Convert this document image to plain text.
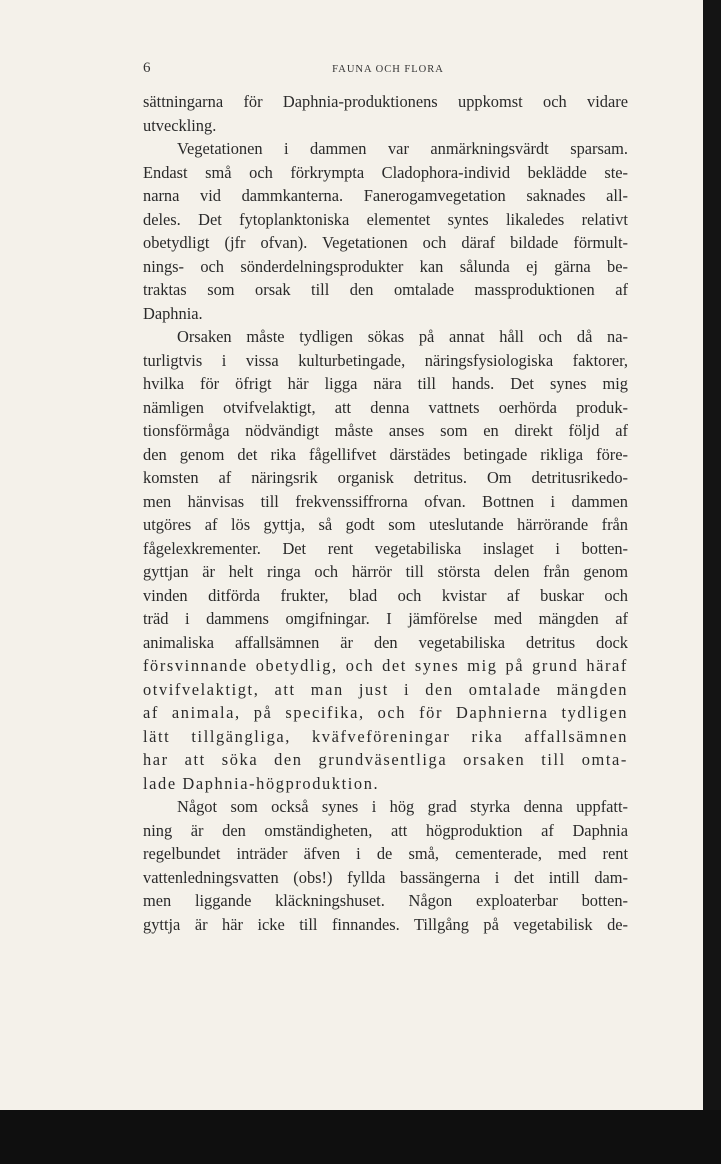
6	FAUNA OCH FLORA
sättningarna för Daphnia-produktionens uppkomst och vidare
utveckling.
Vegetationen i dammen var anmärkningsvärdt sparsam.
Endast små och förkrympta Cladophora-individ beklädde ste-
narna vid dammkanterna. Fanerogamvegetation saknades all-
deles. Det fytoplanktoniska elementet syntes likaledes relativt
obetydligt (jfr ofvan). Vegetationen och däraf bildade förmult-
nings- och sönderdelningsprodukter kan sålunda ej gärna be-
traktas som orsak till den omtalade massproduktionen af
Daphnia.
Orsaken måste tydligen sökas på annat håll och då na-
turligtvis i vissa kulturbetingade, näringsfysiologiska faktorer,
hvilka för öfrigt här ligga nära till hands. Det synes mig
nämligen otvifvelaktigt, att denna vattnets oerhörda produk-
tionsförmåga nödvändigt måste anses som en direkt följd af
den genom det rika fågellifvet därstädes betingade rikliga före-
komsten af näringsrik organisk detritus. Om detritusrikedo-
men hänvisas till frekvenssiffrorna ofvan. Bottnen i dammen
utgöres af lös gyttja, så godt som uteslutande härrörande från
fågelexkrementer. Det rent vegetabiliska inslaget i botten-
gyttjan är helt ringa och härrör till största delen från genom
vinden ditförda frukter, blad och kvistar af buskar och
träd i dammens omgifningar. I jämförelse med mängden af
animaliska affallsämnen är den vegetabiliska detritus dock
försvinnande obetydlig, och det synes mig på grund häraf
otvifvelaktigt, att man just i den omtalade mängden
af animala, på specifika, och för Daphnierna tydligen
lätt tillgängliga, kväfveföreningar rika affallsämnen
har att söka den grundväsentliga orsaken till omta-
lade Daphnia-högproduktion.
Något som också synes i hög grad styrka denna uppfatt-
ning är den omständigheten, att högproduktion af Daphnia
regelbundet inträder äfven i de små, cementerade, med rent
vattenledningsvatten (obs!) fyllda bassängerna i det intill dam-
men liggande kläckningshuset. Någon exploaterbar botten-
gyttja är här icke till finnandes. Tillgång på vegetabilisk de-
